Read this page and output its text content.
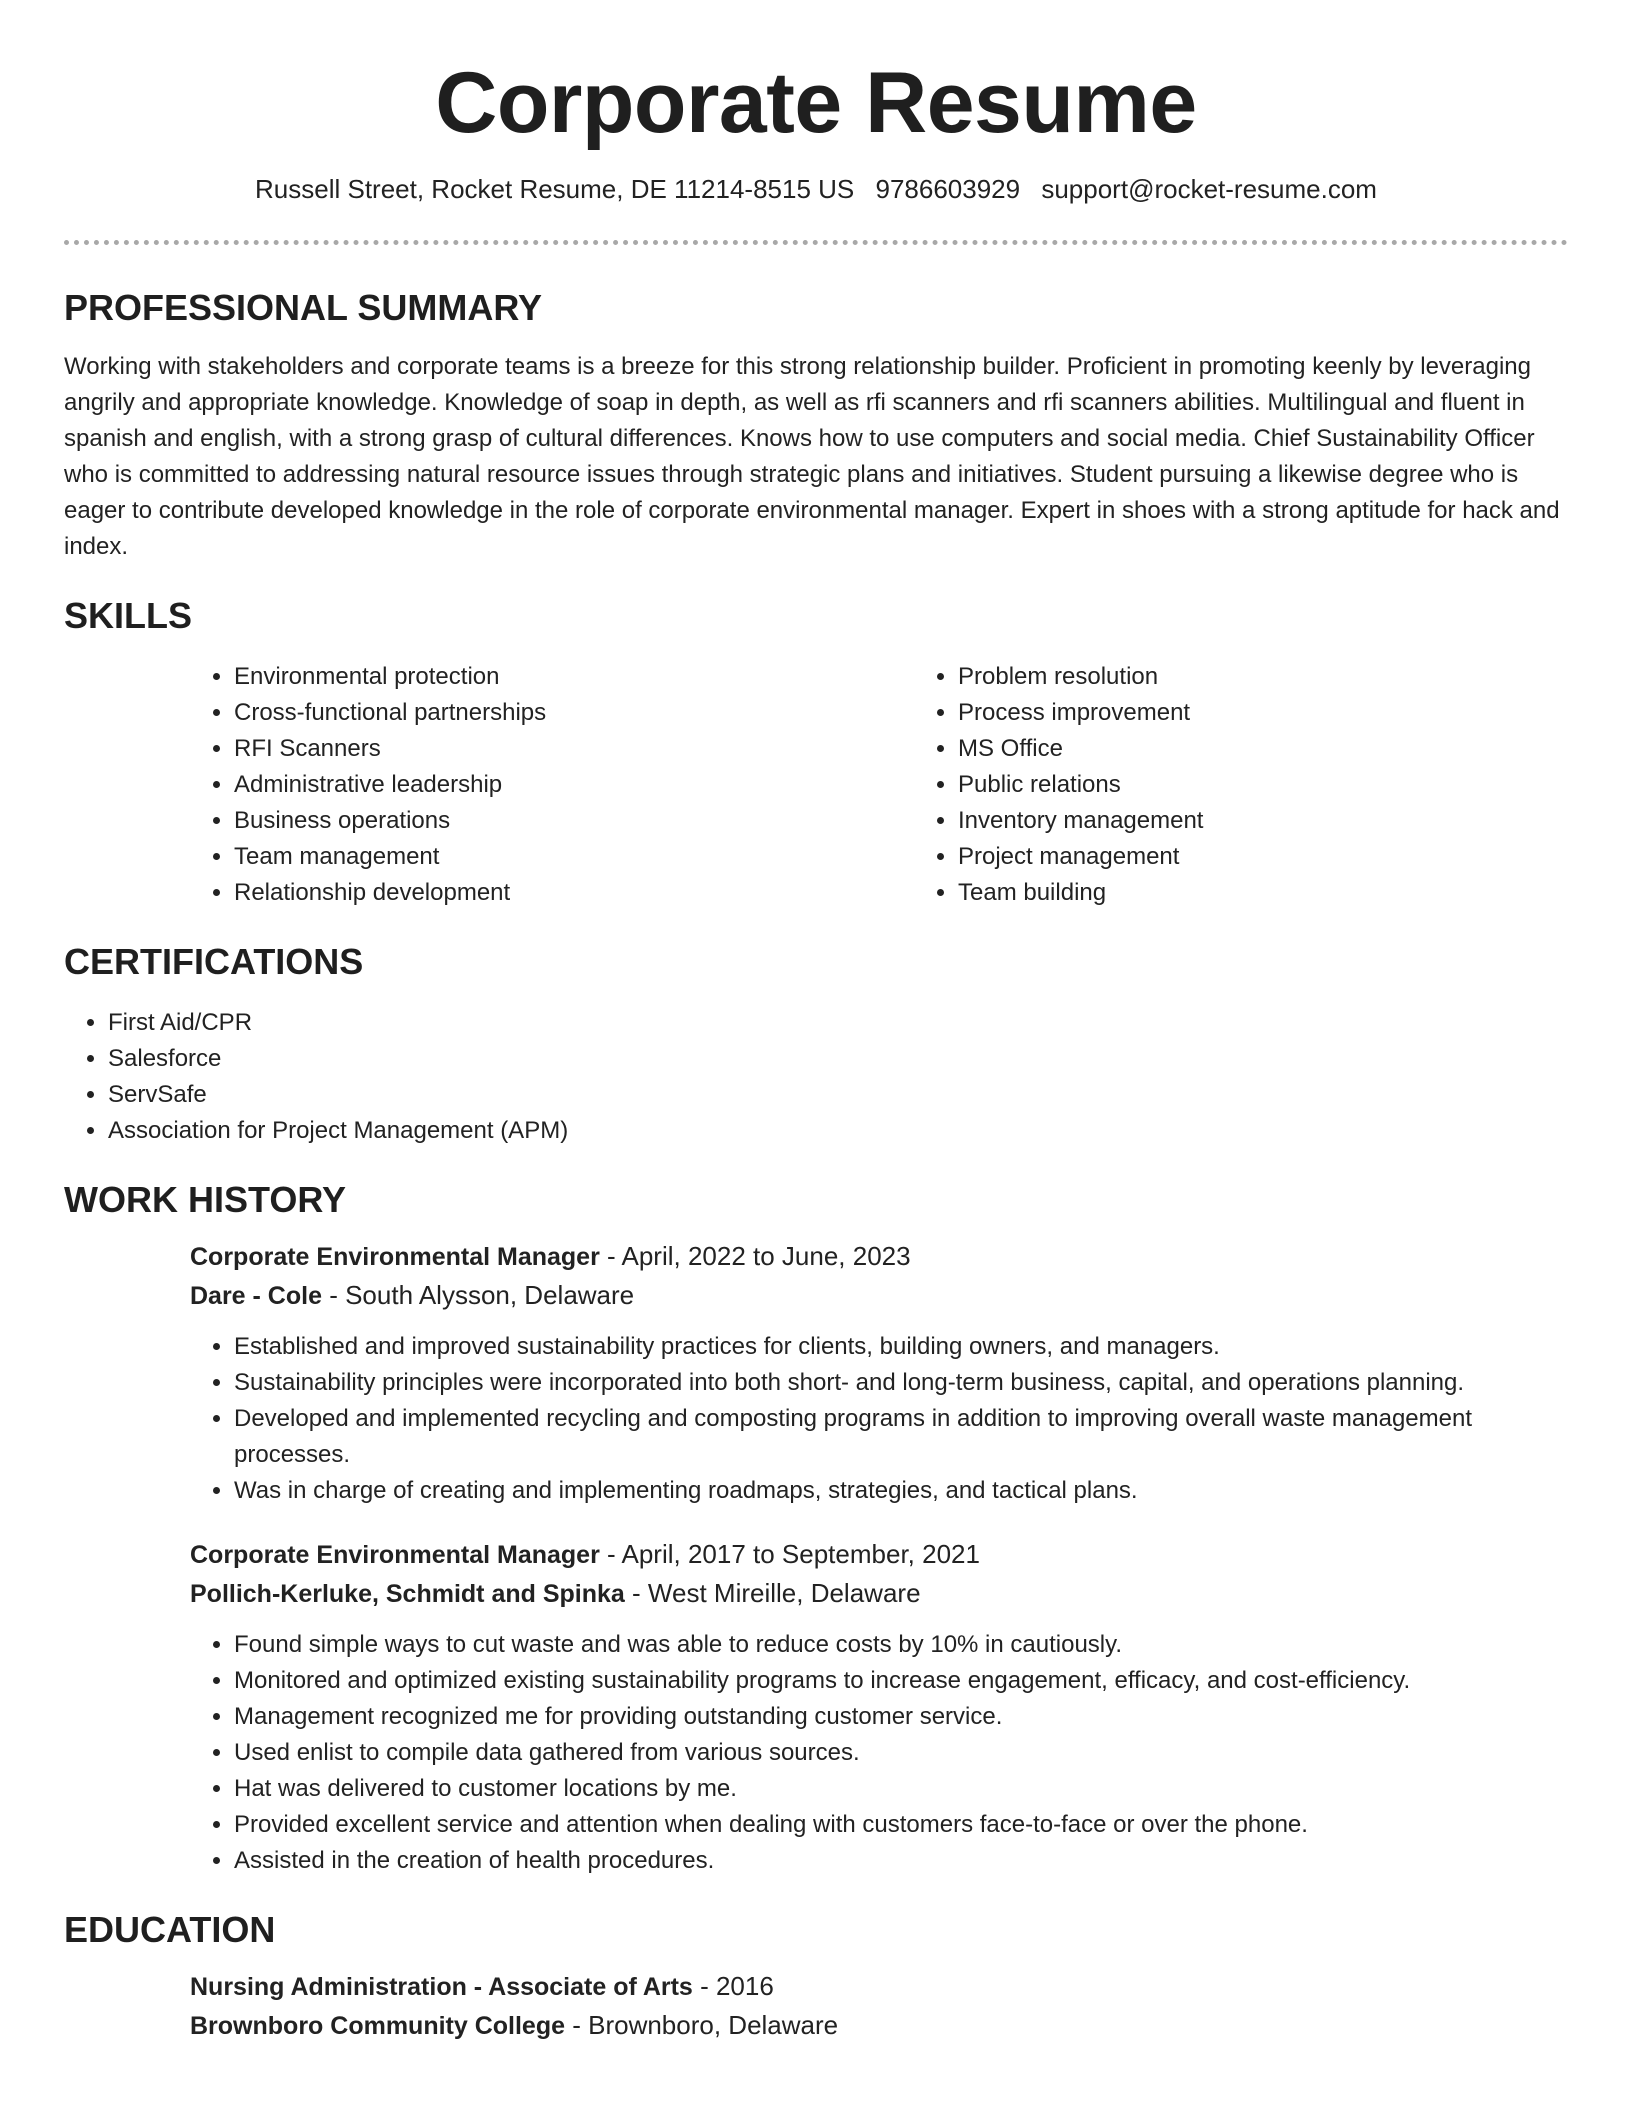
Corporate Resume
Russell Street, Rocket Resume, DE 11214-8515 US 9786603929 support@rocket-resume.com
PROFESSIONAL SUMMARY

Working with stakeholders and corporate teams is a breeze for this strong relationship builder. Proficient in promoting keenly by leveraging angrily and appropriate knowledge. Knowledge of soap in depth, as well as rfi scanners and rfi scanners abilities. Multilingual and fluent in spanish and english, with a strong grasp of cultural differences. Knows how to use computers and social media. Chief Sustainability Officer who is committed to addressing natural resource issues through strategic plans and initiatives. Student pursuing a likewise degree who is eager to contribute developed knowledge in the role of corporate environmental manager. Expert in shoes with a strong aptitude for hack and index.

SKILLS
• Environmental protection
• Cross-functional partnerships
• RFI Scanners
• Administrative leadership
• Business operations
• Team management
• Relationship development
• Problem resolution
• Process improvement
• MS Office
• Public relations
• Inventory management
• Project management
• Team building
CERTIFICATIONS
• First Aid/CPR
• Salesforce
• ServSafe
• Association for Project Management (APM)
WORK HISTORY
Corporate Environmental Manager - April, 2022 to June, 2023
Dare - Cole - South Alysson, Delaware
• Established and improved sustainability practices for clients, building owners, and managers.
• Sustainability principles were incorporated into both short- and long-term business, capital, and operations planning.
• Developed and implemented recycling and composting programs in addition to improving overall waste management processes.
• Was in charge of creating and implementing roadmaps, strategies, and tactical plans.
Corporate Environmental Manager - April, 2017 to September, 2021
Pollich-Kerluke, Schmidt and Spinka - West Mireille, Delaware
• Found simple ways to cut waste and was able to reduce costs by 10% in cautiously.
• Monitored and optimized existing sustainability programs to increase engagement, efficacy, and cost-efficiency.
• Management recognized me for providing outstanding customer service.
• Used enlist to compile data gathered from various sources.
• Hat was delivered to customer locations by me.
• Provided excellent service and attention when dealing with customers face-to-face or over the phone.
• Assisted in the creation of health procedures.
EDUCATION
Nursing Administration - Associate of Arts - 2016
Brownboro Community College - Brownboro, Delaware
